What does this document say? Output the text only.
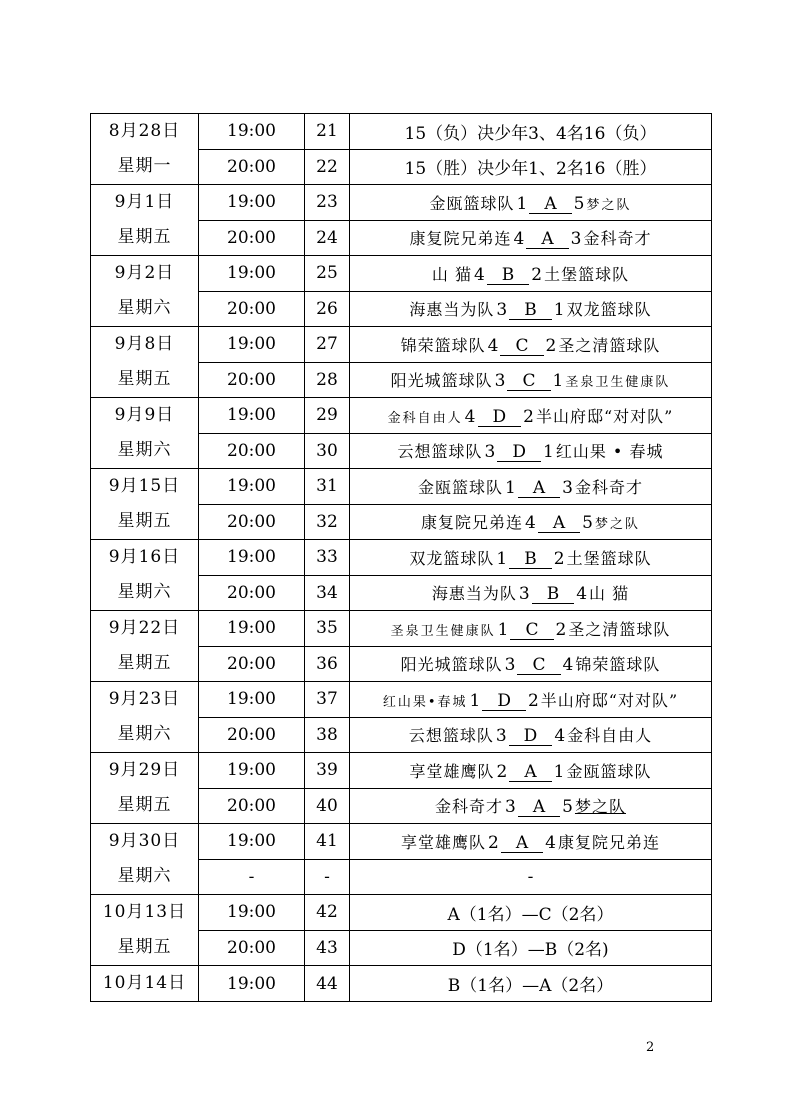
8月28日
星期一	19:00	21	15（负）决少年3、4名16（负）
	20:00	22	15（胜）决少年1、2名16（胜）

9月1日
星期五	19:00	23	金瓯篮球队 1 A 5 梦之队
	20:00	24	康复院兄弟连 4 A 3 金科奇才

9月2日
星期六	19:00	25	山 猫 4 B 2 土堡篮球队
	20:00	26	海惠当为队 3 B 1 双龙篮球队

9月8日
星期五	19:00	27	锦荣篮球队 4 C 2 圣之清篮球队
	20:00	28	阳光城篮球队 3 C 1 圣泉卫生健康队

9月9日
星期六	19:00	29	金科自由人 4 D 2 半山府邸“对对队”
	20:00	30	云想篮球队 3 D 1 红山果 • 春城

9月15日
星期五	19:00	31	金瓯篮球队 1 A 3 金科奇才
	20:00	32	康复院兄弟连 4 A 5 梦之队

9月16日
星期六	19:00	33	双龙篮球队 1 B 2 土堡篮球队
	20:00	34	海惠当为队 3 B 4 山 猫

9月22日
星期五	19:00	35	圣泉卫生健康队 1 C 2 圣之清篮球队
	20:00	36	阳光城篮球队 3 C 4 锦荣篮球队

9月23日
星期六	19:00	37	红山果•春城 1 D 2 半山府邸“对对队”
	20:00	38	云想篮球队 3 D 4 金科自由人

9月29日
星期五	19:00	39	享堂雄鹰队 2 A 1 金瓯篮球队
	20:00	40	金科奇才 3 A 5 梦之队

9月30日
星期六	19:00	41	享堂雄鹰队 2 A 4 康复院兄弟连
	-	-	-

10月13日
星期五	19:00	42	A（1名）—C（2名）
	20:00	43	D（1名）—B（2名)

10月14日	19:00	44	B（1名）—A（2名）
2
